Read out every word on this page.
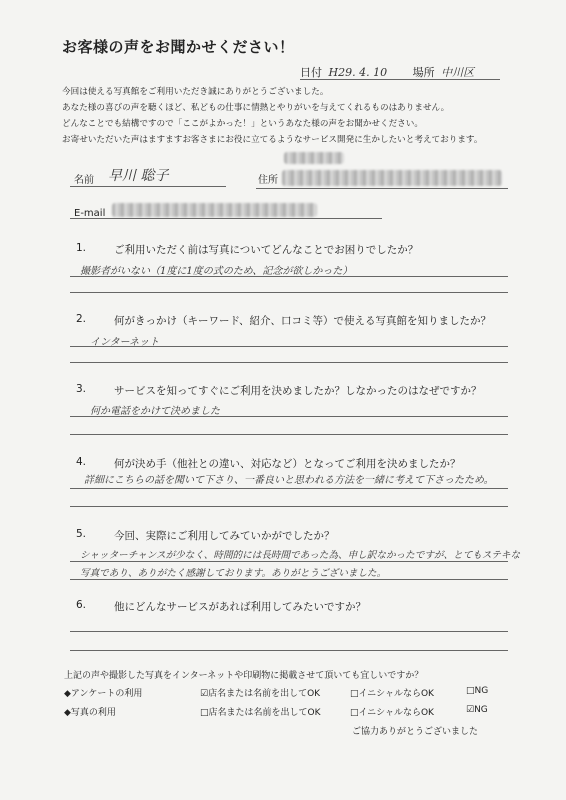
お客様の声をお聞かせください！
日付 H29. 4. 10 場所 中川区
今回は使える写真館をご利用いただき誠にありがとうございました。
あなた様の喜びの声を聴くほど、私どもの仕事に情熱とやりがいを与えてくれるものはありません。
どんなことでも結構ですので「ここがよかった！」というあなた様の声をお聞かせください。
お寄せいただいた声はますますお客さまにお役に立てるようなサービス開発に生かしたいと考えております。
名前 早川 聡子	住所
E-mail
1.	ご利用いただく前は写真についてどんなことでお困りでしたか？
撮影者がいない（1度に1度の式のため、記念が欲しかった）
2.	何がきっかけ（キーワード、紹介、口コミ等）で使える写真館を知りましたか？
インターネット
3.	サービスを知ってすぐにご利用を決めましたか？しなかったのはなぜですか？
何か電話をかけて決めました
4.	何が決め手（他社との違い、対応など）となってご利用を決めましたか？
詳細にこちらの話を聞いて下さり、一番良いと思われる方法を一緒に考えて下さったため。
5.	今回、実際にご利用してみていかがでしたか？
シャッターチャンスが少なく、時間的には長時間であった為、申し訳なかったですが、とてもステキな
写真であり、ありがたく感謝しております。ありがとうございました。
6.	他にどんなサービスがあれば利用してみたいですか？
上記の声や撮影した写真をインターネットや印刷物に掲載させて頂いても宜しいですか？
◆アンケートの利用	☑店名または名前を出してOK	□イニシャルならOK	□NG
◆写真の利用	□店名または名前を出してOK	□イニシャルならOK	☑NG
ご協力ありがとうございました
